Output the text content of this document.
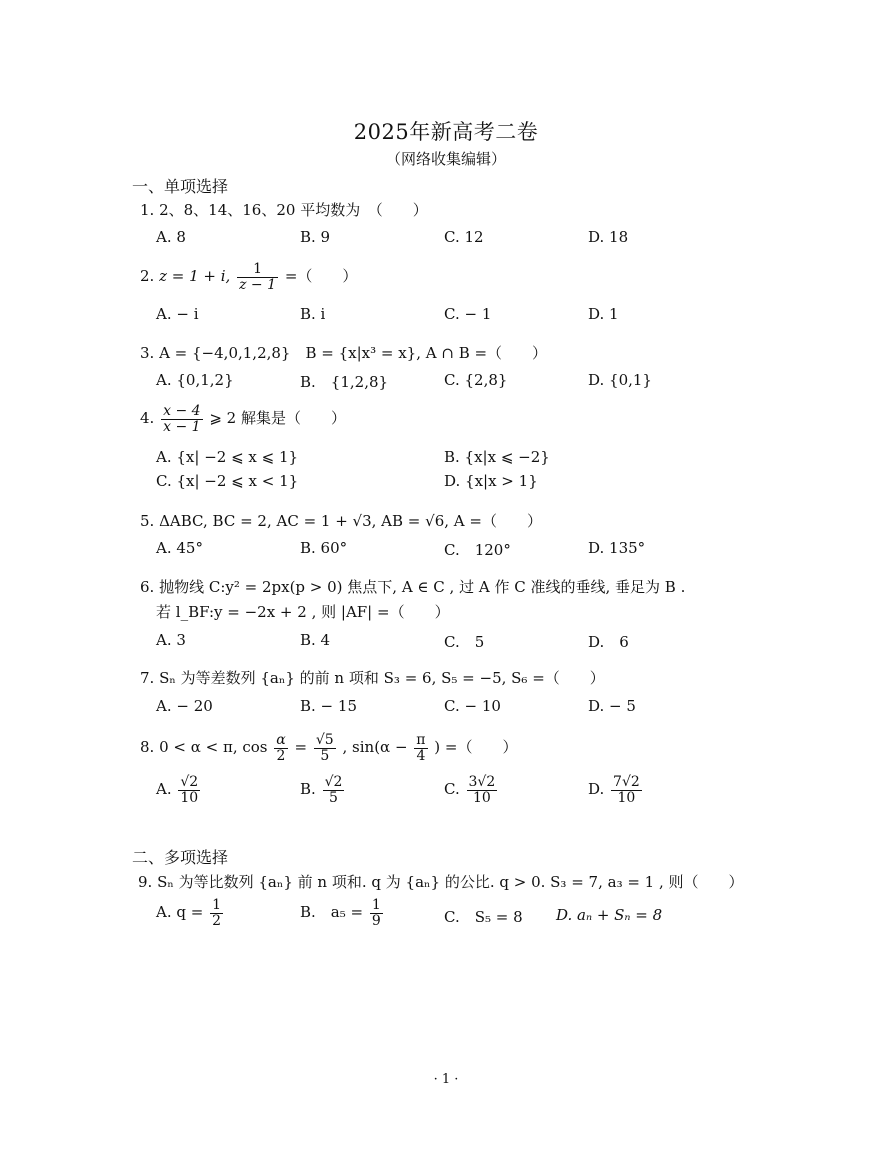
2025年新高考二卷
（网络收集编辑）
一、单项选择
1. 2、8、14、16、20 平均数为　（　　）
A. 8	B. 9	C. 12	D. 18
2. z = 1 + i, $\frac{1}{z - 1}$ =（　　）
A. − i	B. i	C. − 1	D. 1
3. A = {−4,0,1,2,8}　B = {x|x³ = x}, A ∩ B =（　　）
A. {0,1,2}	B.　{1,2,8}	C. {2,8}	D. {0,1}
4. $\frac{x - 4}{x - 1}$ ⩾ 2 解集是（　　）
A. {x| −2 ⩽ x ⩽ 1}	B. {x|x ⩽ −2}
C. {x| −2 ⩽ x < 1}	D. {x|x > 1}
5. ΔABC, BC = 2, AC = 1 + √3, AB = √6, A =（　　）
A. 45°	B. 60°	C.　120°	D. 135°
6. 抛物线 C:y² = 2px(p > 0) 焦点下, A ∈ C , 过 A 作 C 准线的垂线, 垂足为 B .
若 l_BF:y = −2x + 2 , 则 |AF| =（　　）
A. 3	B. 4	C.　5	D.　6
7. Sₙ 为等差数列 {aₙ} 的前 n 项和 S₃ = 6, S₅ = −5, S₆ =（　　）
A. − 20	B. − 15	C. − 10	D. − 5
8. 0 < α < π, $\cos \frac{\alpha}{2} = \frac{√5}{5}$ , $\sin(\alpha - \frac{\pi}{4}$ ) =（　　）
A. $\frac{√2}{10}$	B. $\frac{√2}{5}$	C. $\frac{3√2}{10}$	D. $\frac{7√2}{10}$
二、多项选择
9. Sₙ 为等比数列 {aₙ} 前 n 项和. q 为 {aₙ} 的公比. q > 0. S₃ = 7, a₃ = 1 , 则（　　）
A. $q = \frac{1}{2}$	B.　$a_5 = \frac{1}{9}$	C.　S₅ = 8 D. aₙ + Sₙ = 8
· 1 ·
